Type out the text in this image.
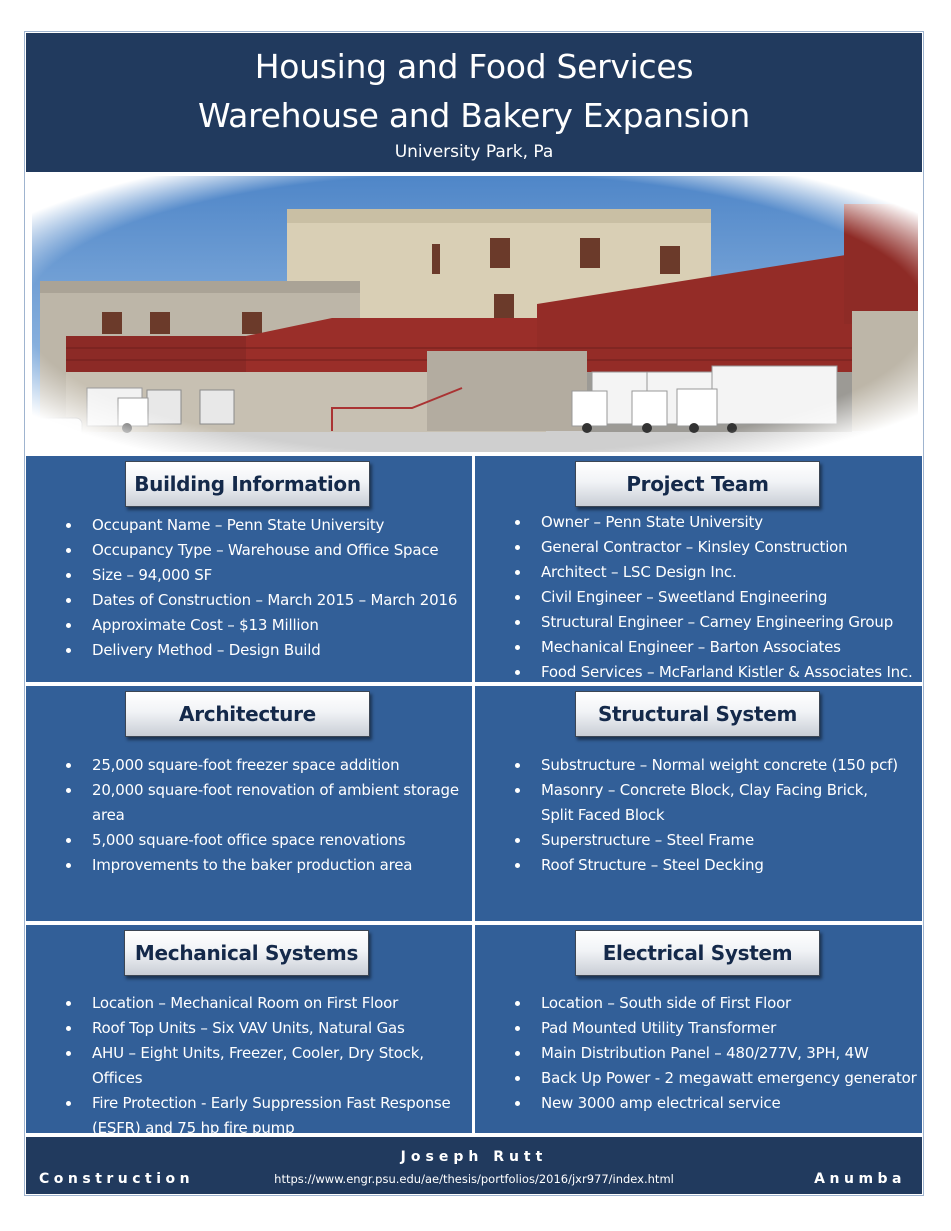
Housing and Food Services
Warehouse and Bakery Expansion
University Park, Pa
Building Information
Occupant Name – Penn State University
Occupancy Type – Warehouse and Office Space
Size – 94,000 SF
Dates of Construction – March 2015 – March 2016
Approximate Cost – $13 Million
Delivery Method – Design Build
Project Team
Owner – Penn State University
General Contractor – Kinsley Construction
Architect – LSC Design Inc.
Civil Engineer – Sweetland Engineering
Structural Engineer – Carney Engineering Group
Mechanical Engineer – Barton Associates
Food Services – McFarland Kistler & Associates Inc.
Architecture
25,000 square-foot freezer space addition
20,000 square-foot renovation of ambient storage
area
5,000 square-foot office space renovations
Improvements to the baker production area
Structural System
Substructure – Normal weight concrete (150 pcf)
Masonry – Concrete Block, Clay Facing Brick,
Split Faced Block
Superstructure – Steel Frame
Roof Structure – Steel Decking
Mechanical Systems
Location – Mechanical Room on First Floor
Roof Top Units – Six VAV Units, Natural Gas
AHU – Eight Units, Freezer, Cooler, Dry Stock, Offices
Fire Protection - Early Suppression Fast Response
(ESFR) and 75 hp fire pump
Electrical System
Location – South side of First Floor
Pad Mounted Utility Transformer
Main Distribution Panel – 480/277V, 3PH, 4W
Back Up Power - 2 megawatt emergency generator
New 3000 amp electrical service
Joseph Rutt
Construction	https://www.engr.psu.edu/ae/thesis/portfolios/2016/jxr977/index.html	Anumba
